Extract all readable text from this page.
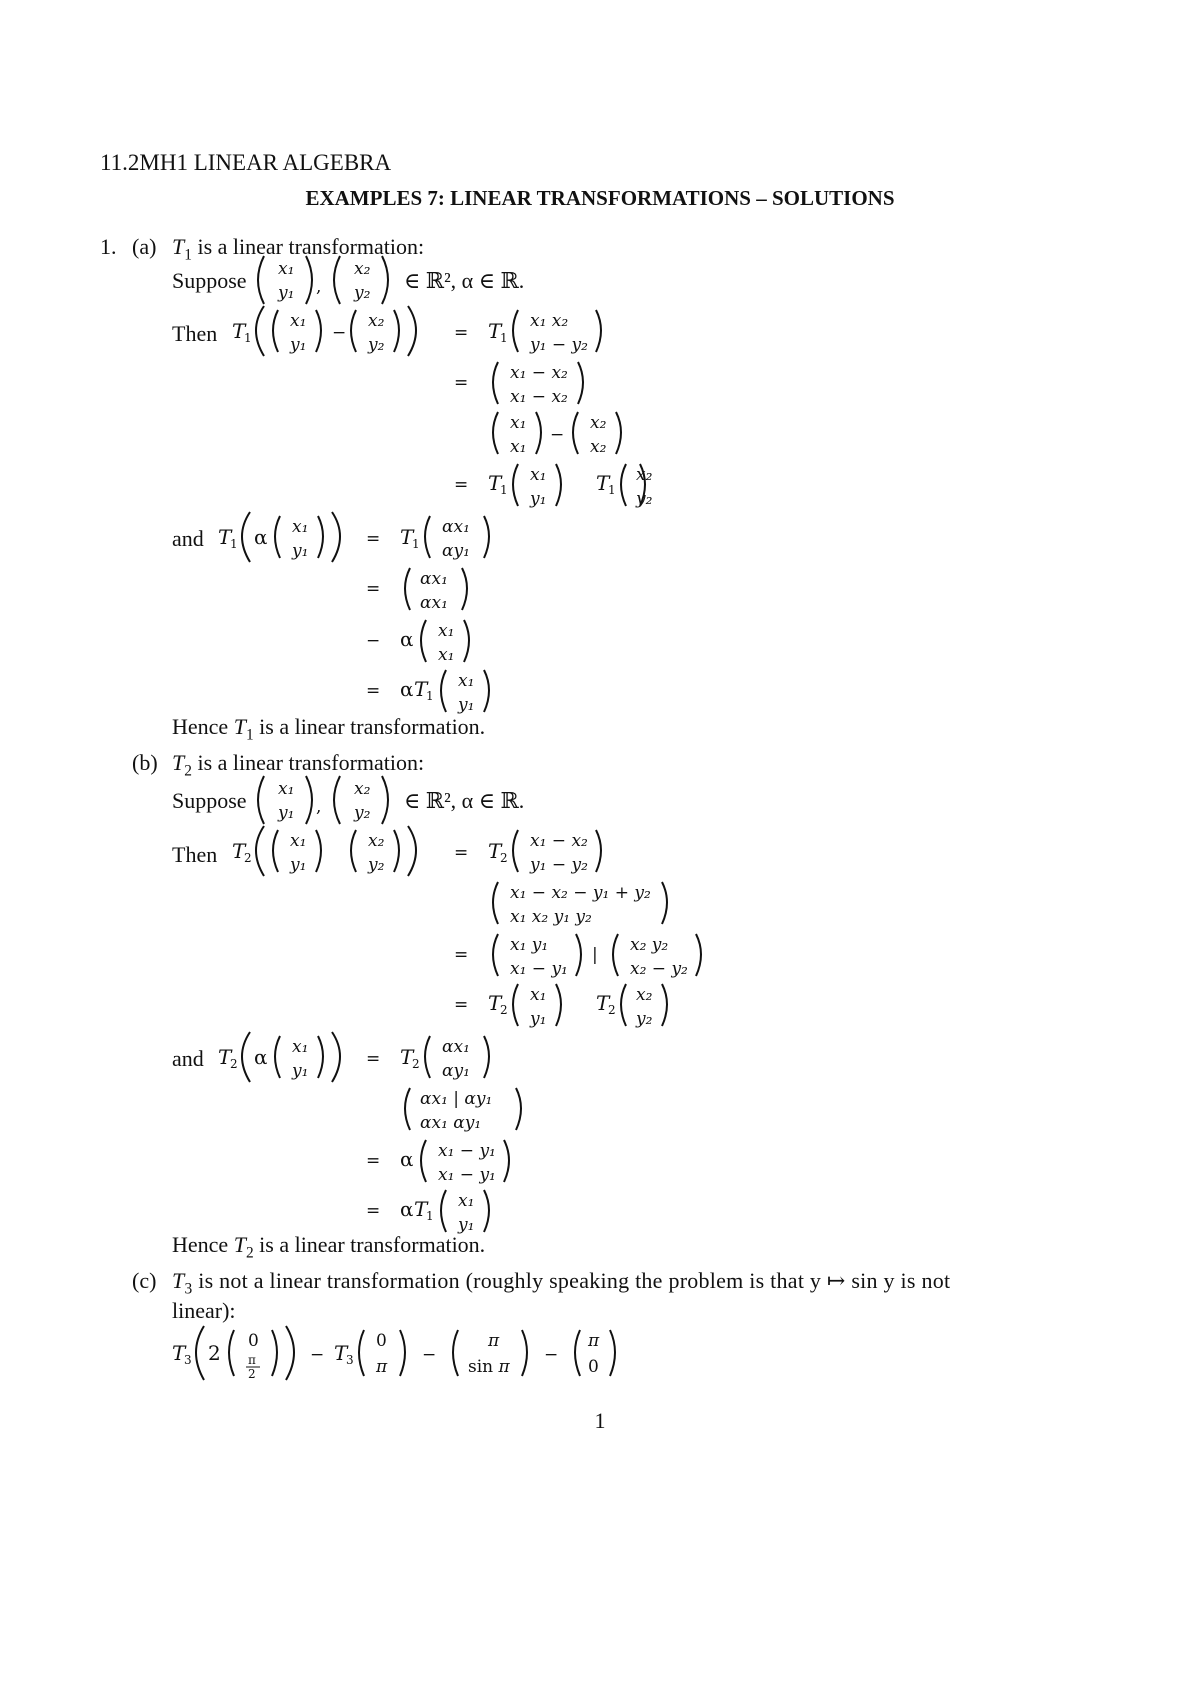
11.2MH1 LINEAR ALGEBRA
EXAMPLES 7: LINEAR TRANSFORMATIONS – SOLUTIONS
1. (a) $T_1$ is a linear transformation:
Suppose x₁
y₁ ,
x₂
y₂ ∈ ℝ², α ∈ ℝ.
Then T
1
x₁
y₁
−
x₂
y₂
= T
1
x₁ x₂
y₁ − y₂
= x₁ − x₂
x₁ − x₂
x₁
x₁
−
x₂
x₂
= T
1
x₁
y₁
T
1
x₂
y₂
and T
1 α x₁
y₁
= T
1
αx₁
αy₁
= αx₁
αx₁
− α x₁
x₁
= α T
1
x₁
y₁
Hence $T_1$ is a linear transformation.
(b) $T_2$ is a linear transformation:
Suppose x₁
y₁ ,
x₂
y₂ ∈ ℝ², α ∈ ℝ.
Then T
2
x₁
y₁
x₂
y₂
= T
2
x₁ − x₂
y₁ − y₂
x₁ − x₂ − y₁ + y₂
x₁ x₂ y₁ y₂
= x₁ y₁
x₁ − y₁
| x₂ y₂
x₂ − y₂
= T
2
x₁
y₁
T
2
x₂
y₂
and T
2 α x₁
y₁
= T
2
αx₁
αy₁
αx₁ | αy₁
αx₁ αy₁
= α x₁ − y₁
x₁ − y₁
= α T
1
x₁
y₁
Hence $T_2$ is a linear transformation.
(c) $T_3$ is not a linear transformation (roughly speaking the problem is that y ↦ sin y is not
linear):
T
3 2 0
π
2
− T
3
0
π
−
π
sin π
−
π
0
1
